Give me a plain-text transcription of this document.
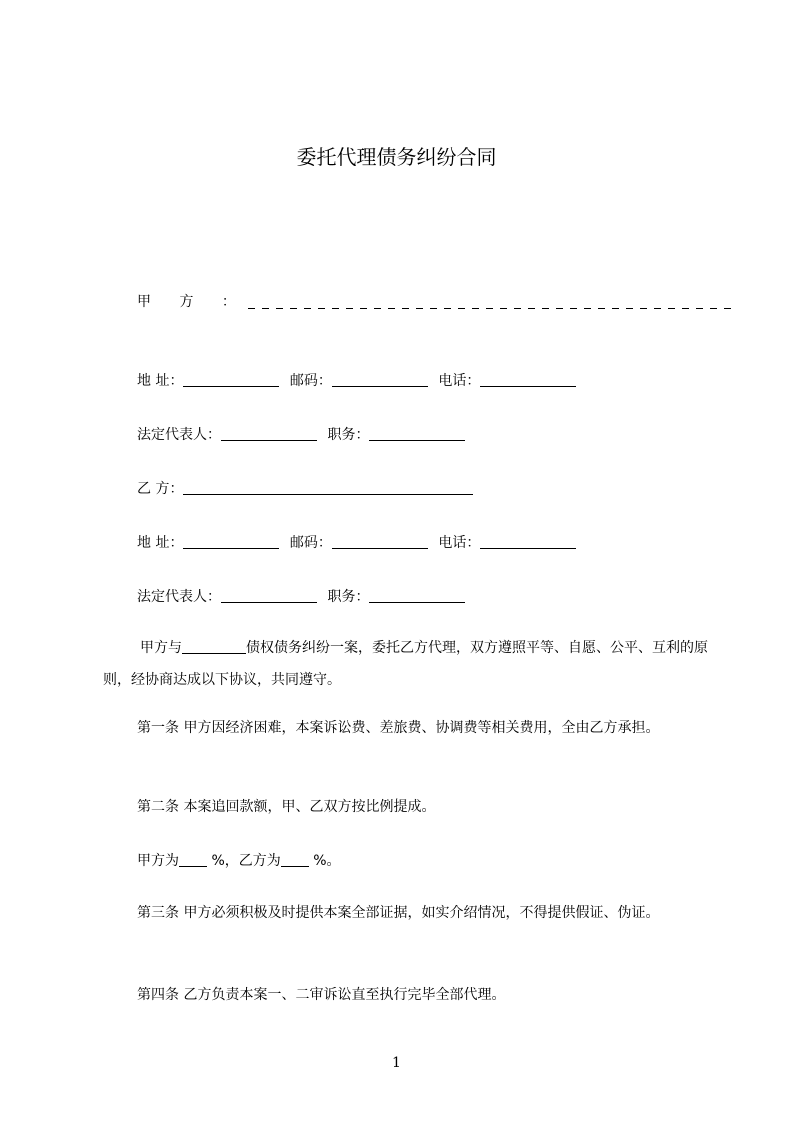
委托代理债务纠纷合同
甲 方 ：
地 址：	邮码：	电话：
法定代表人：	职务：
乙 方：
地 址：	邮码：	电话：
法定代表人：	职务：
甲方与	债权债务纠纷一案，委托乙方代理，双方遵照平等、自愿、公平、互利的原则，经协商达成以下协议，共同遵守。
第一条 甲方因经济困难，本案诉讼费、差旅费、协调费等相关费用，全由乙方承担。
第二条 本案追回款额，甲、乙双方按比例提成。
甲方为 %，乙方为 %。
第三条 甲方必须积极及时提供本案全部证据，如实介绍情况，不得提供假证、伪证。
第四条 乙方负责本案一、二审诉讼直至执行完毕全部代理。
1
